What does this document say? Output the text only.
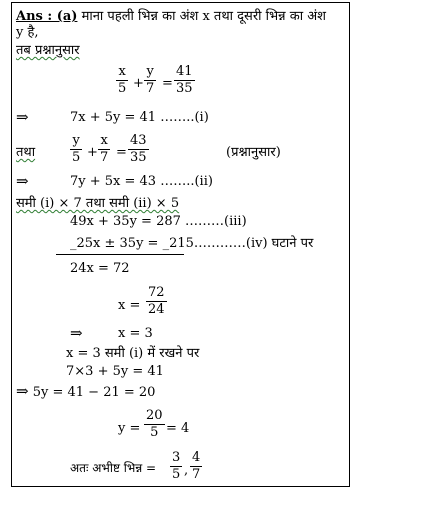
Ans : (a) माना पहली भिन्न का अंश x तथा दूसरी भिन्न का अंश
y है,
तब प्रश्नानुसार
x
5 +
y
7 =
41
35
⇒	7x + 5y = 41 ……..(i)
तथा
y
5 +
x
7 =
43
35	(प्रश्नानुसार)
⇒	7y + 5x = 43 ……..(ii)
समी (i) × 7 तथा समी (ii) × 5
49x + 35y = 287 ………(iii)
_25x ± 35y = _215…………(iv) घटाने पर
24x = 72
x =
72
24
⇒	x = 3
x = 3 समी (i) में रखने पर
7×3 + 5y = 41
⇒ 5y = 41 − 21 = 20
y =
20
5 = 4
अतः अभीष्ट भिन्न =
3
5 ,
4
7
